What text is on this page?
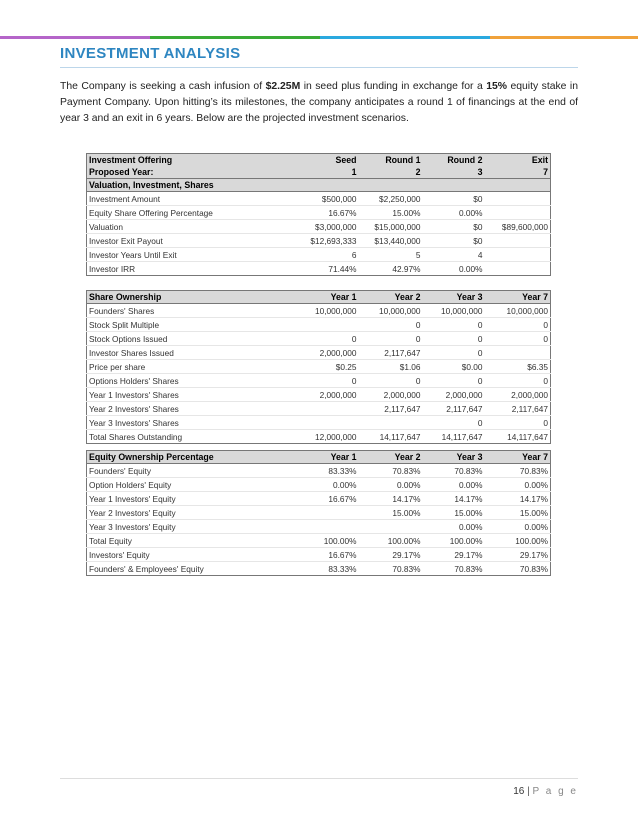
INVESTMENT ANALYSIS
The Company is seeking a cash infusion of $2.25M in seed plus funding in exchange for a 15% equity stake in Payment Company. Upon hitting’s its milestones, the company anticipates a round 1 of financings at the end of year 3 and an exit in 6 years. Below are the projected investment scenarios.
Investment Offering	Seed	Round 1	Round 2	Exit
Proposed Year:	1	2	3	7
Valuation, Investment, Shares				
Investment Amount	$500,000	$2,250,000	$0	
Equity Share Offering Percentage	16.67%	15.00%	0.00%	
Valuation	$3,000,000	$15,000,000	$0	$89,600,000
Investor Exit Payout	$12,693,333	$13,440,000	$0	
Investor Years Until Exit	6	5	4	
Investor IRR	71.44%	42.97%	0.00%	
Share Ownership	Year 1	Year 2	Year 3	Year 7
Founders' Shares	10,000,000	10,000,000	10,000,000	10,000,000
Stock Split Multiple		0	0	0
Stock Options Issued	0	0	0	0
Investor Shares Issued	2,000,000	2,117,647	0	
Price per share	$0.25	$1.06	$0.00	$6.35
Options Holders' Shares	0	0	0	0
Year 1 Investors' Shares	2,000,000	2,000,000	2,000,000	2,000,000
Year 2 Investors' Shares		2,117,647	2,117,647	2,117,647
Year 3 Investors' Shares			0	0
Total Shares Outstanding	12,000,000	14,117,647	14,117,647	14,117,647
Equity Ownership Percentage	Year 1	Year 2	Year 3	Year 7
Founders' Equity	83.33%	70.83%	70.83%	70.83%
Option Holders' Equity	0.00%	0.00%	0.00%	0.00%
Year 1 Investors' Equity	16.67%	14.17%	14.17%	14.17%
Year 2 Investors' Equity		15.00%	15.00%	15.00%
Year 3 Investors' Equity			0.00%	0.00%
Total Equity	100.00%	100.00%	100.00%	100.00%
Investors' Equity	16.67%	29.17%	29.17%	29.17%
Founders' & Employees' Equity	83.33%	70.83%	70.83%	70.83%
16 | P a g e
